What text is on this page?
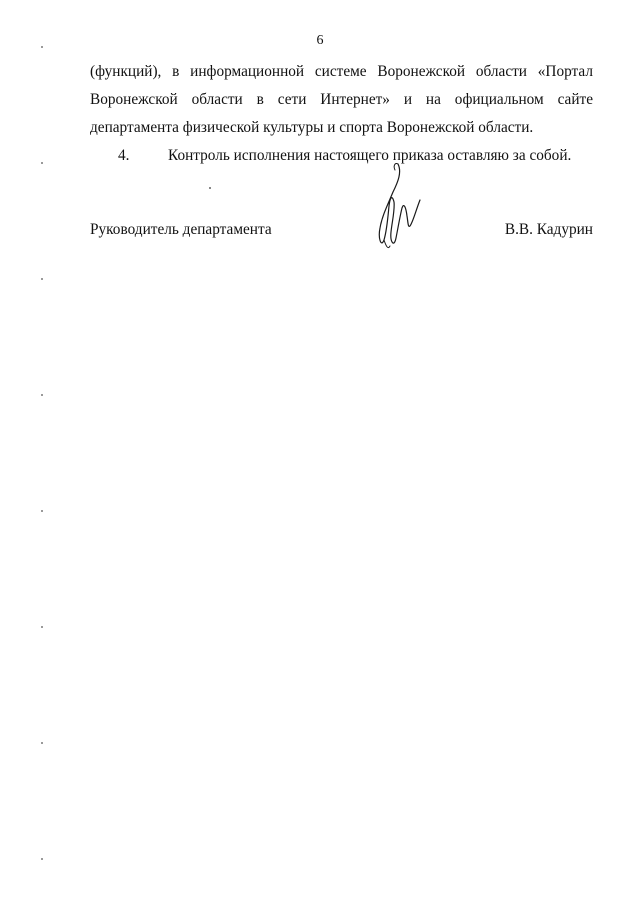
6
(функций), в информационной системе Воронежской области «Портал
Воронежской области в сети Интернет» и на официальном сайте
департамента физической культуры и спорта Воронежской области.
4.	Контроль исполнения настоящего приказа оставляю за собой.
Руководитель департамента	В.В. Кадурин
